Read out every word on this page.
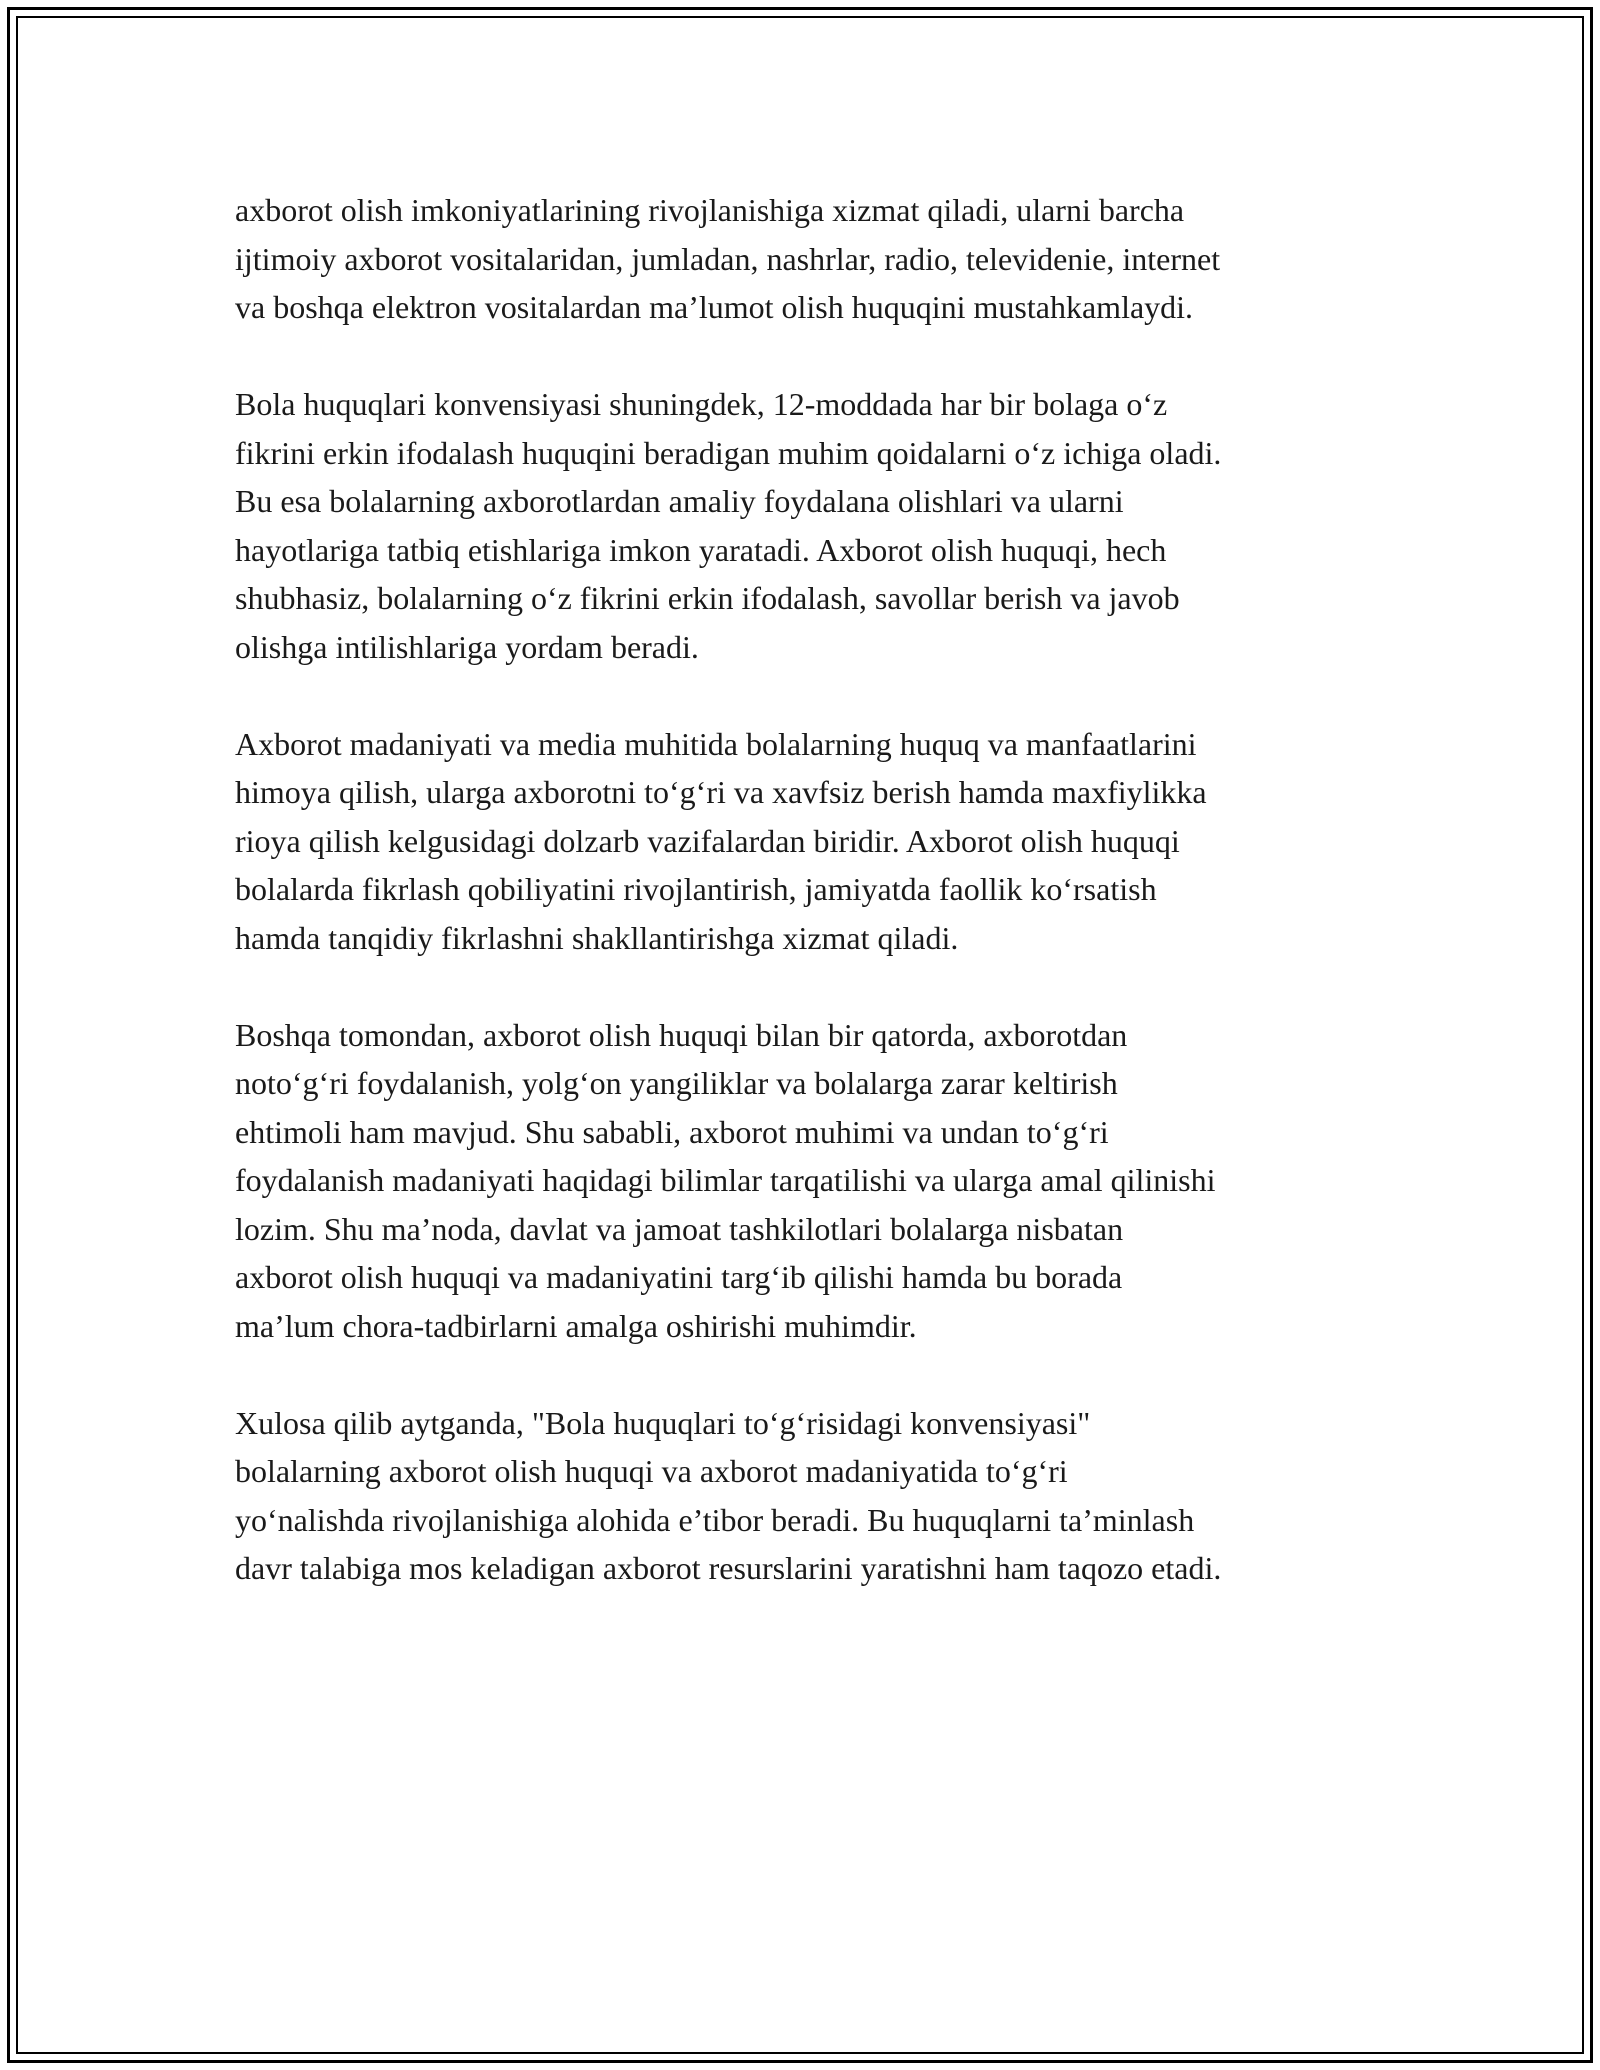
axborot olish imkoniyatlarining rivojlanishiga xizmat qiladi, ularni barcha
ijtimoiy axborot vositalaridan, jumladan, nashrlar, radio, televidenie, internet
va boshqa elektron vositalardan ma’lumot olish huquqini mustahkamlaydi.

Bola huquqlari konvensiyasi shuningdek, 12-moddada har bir bolaga o‘z
fikrini erkin ifodalash huquqini beradigan muhim qoidalarni o‘z ichiga oladi.
Bu esa bolalarning axborotlardan amaliy foydalana olishlari va ularni
hayotlariga tatbiq etishlariga imkon yaratadi. Axborot olish huquqi, hech
shubhasiz, bolalarning o‘z fikrini erkin ifodalash, savollar berish va javob
olishga intilishlariga yordam beradi.

Axborot madaniyati va media muhitida bolalarning huquq va manfaatlarini
himoya qilish, ularga axborotni to‘g‘ri va xavfsiz berish hamda maxfiylikka
rioya qilish kelgusidagi dolzarb vazifalardan biridir. Axborot olish huquqi
bolalarda fikrlash qobiliyatini rivojlantirish, jamiyatda faollik ko‘rsatish
hamda tanqidiy fikrlashni shakllantirishga xizmat qiladi.

Boshqa tomondan, axborot olish huquqi bilan bir qatorda, axborotdan
noto‘g‘ri foydalanish, yolg‘on yangiliklar va bolalarga zarar keltirish
ehtimoli ham mavjud. Shu sababli, axborot muhimi va undan to‘g‘ri
foydalanish madaniyati haqidagi bilimlar tarqatilishi va ularga amal qilinishi
lozim. Shu ma’noda, davlat va jamoat tashkilotlari bolalarga nisbatan
axborot olish huquqi va madaniyatini targ‘ib qilishi hamda bu borada
ma’lum chora-tadbirlarni amalga oshirishi muhimdir.

Xulosa qilib aytganda, "Bola huquqlari to‘g‘risidagi konvensiyasi"
bolalarning axborot olish huquqi va axborot madaniyatida to‘g‘ri
yo‘nalishda rivojlanishiga alohida e’tibor beradi. Bu huquqlarni ta’minlash
davr talabiga mos keladigan axborot resurslarini yaratishni ham taqozo etadi.
